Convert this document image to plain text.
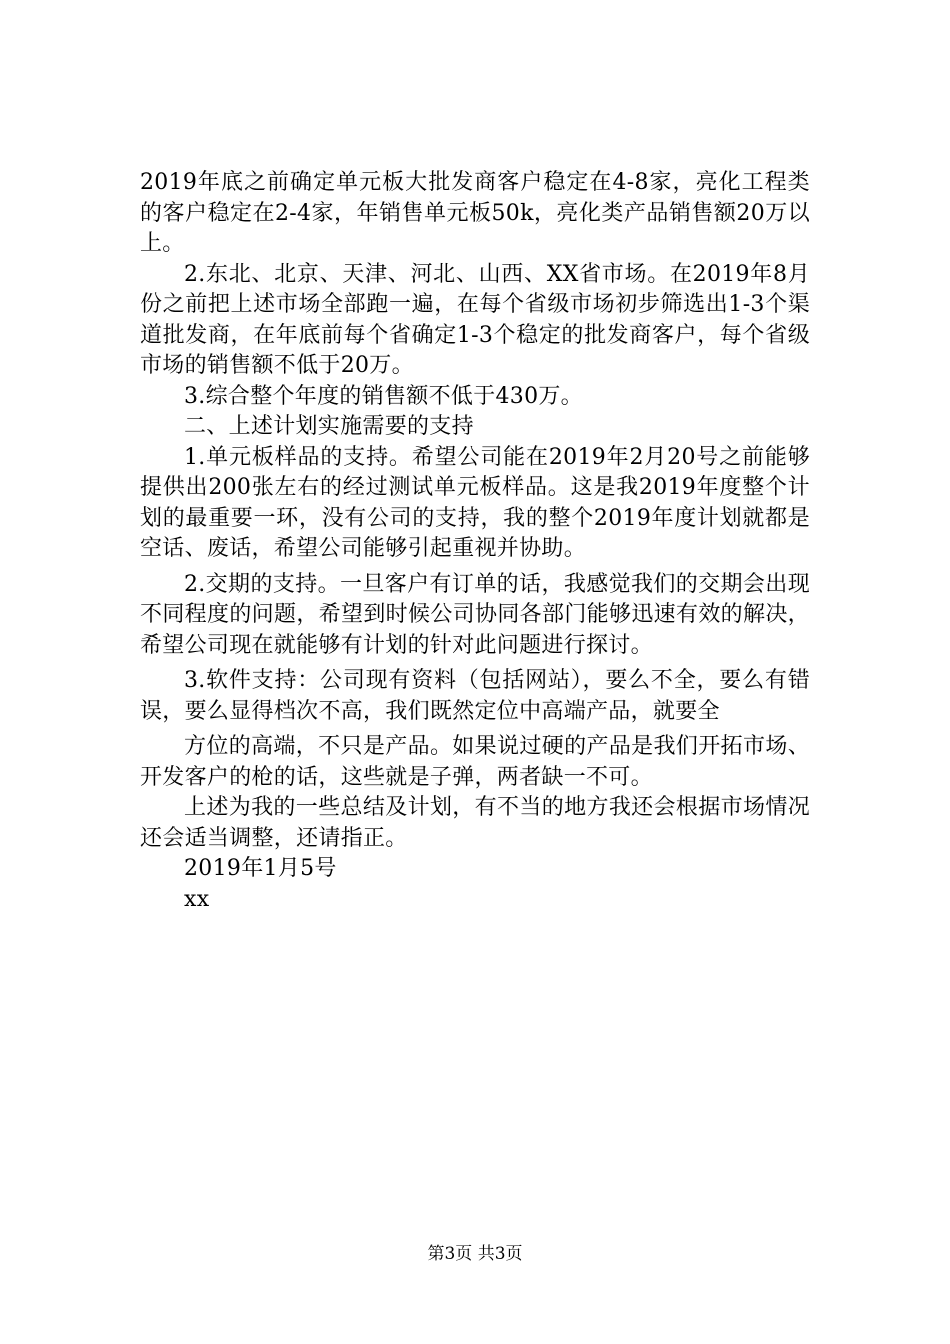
2019年底之前确定单元板大批发商客户稳定在4-8家，亮化工程类的客户稳定在2-4家，年销售单元板50k，亮化类产品销售额20万以上。

2.东北、北京、天津、河北、山西、XX省市场。在2019年8月份之前把上述市场全部跑一遍，在每个省级市场初步筛选出1-3个渠道批发商，在年底前每个省确定1-3个稳定的批发商客户，每个省级市场的销售额不低于20万。

3.综合整个年度的销售额不低于430万。

二、上述计划实施需要的支持

1.单元板样品的支持。希望公司能在2019年2月20号之前能够提供出200张左右的经过测试单元板样品。这是我2019年度整个计划的最重要一环，没有公司的支持，我的整个2019年度计划就都是空话、废话，希望公司能够引起重视并协助。

2.交期的支持。一旦客户有订单的话，我感觉我们的交期会出现不同程度的问题，希望到时候公司协同各部门能够迅速有效的解决，希望公司现在就能够有计划的针对此问题进行探讨。

3.软件支持：公司现有资料（包括网站），要么不全，要么有错误，要么显得档次不高，我们既然定位中高端产品，就要全

方位的高端，不只是产品。如果说过硬的产品是我们开拓市场、开发客户的枪的话，这些就是子弹，两者缺一不可。

上述为我的一些总结及计划，有不当的地方我还会根据市场情况还会适当调整，还请指正。

2019年1月5号

xx

第3页 共3页
